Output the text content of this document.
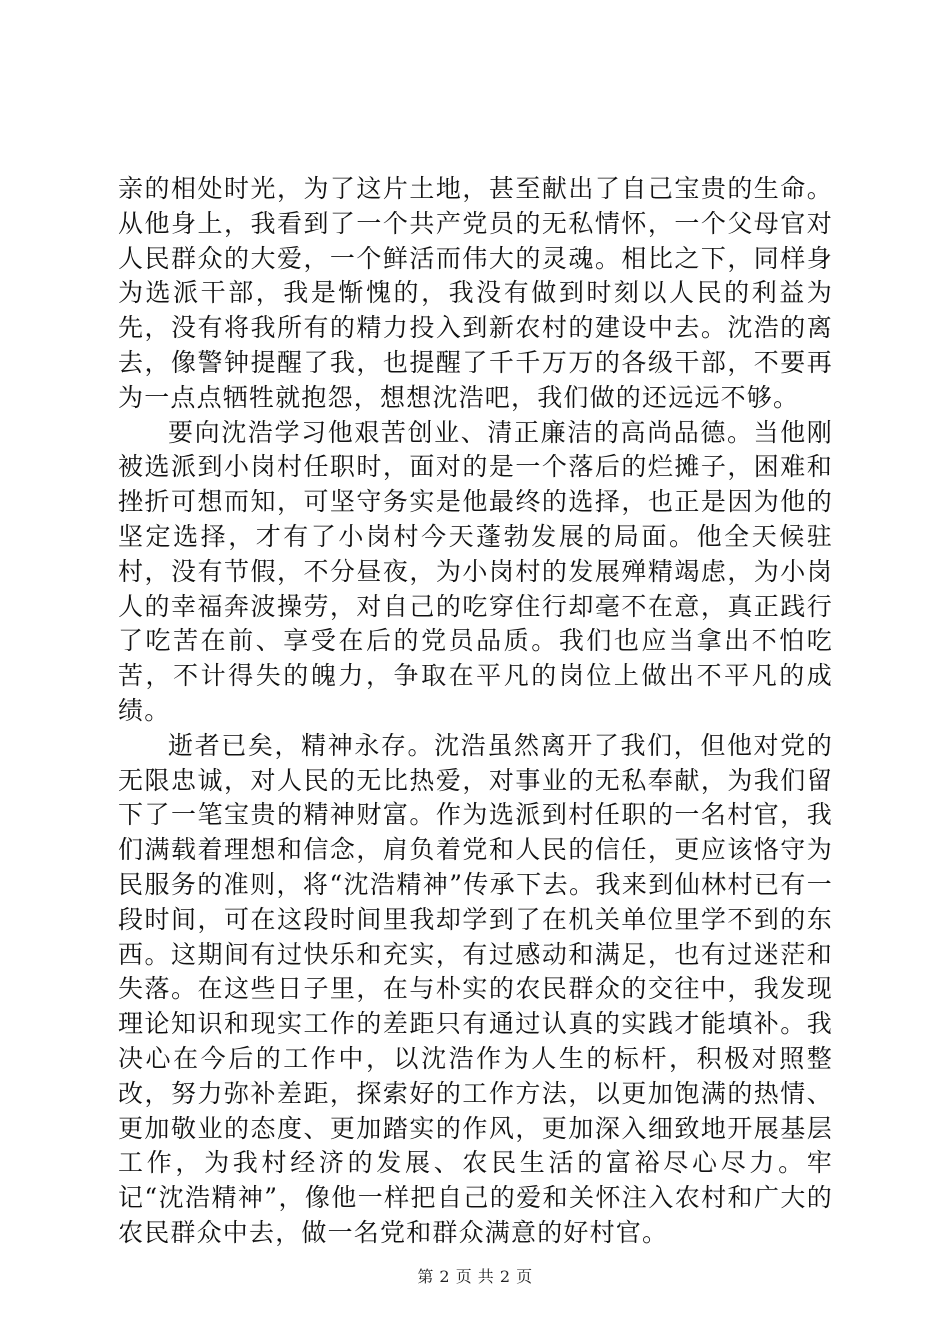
亲的相处时光，为了这片土地，甚至献出了自己宝贵的生命。从他身上，我看到了一个共产党员的无私情怀，一个父母官对人民群众的大爱，一个鲜活而伟大的灵魂。相比之下，同样身为选派干部，我是惭愧的，我没有做到时刻以人民的利益为先，没有将我所有的精力投入到新农村的建设中去。沈浩的离去，像警钟提醒了我，也提醒了千千万万的各级干部，不要再为一点点牺牲就抱怨，想想沈浩吧，我们做的还远远不够。

要向沈浩学习他艰苦创业、清正廉洁的高尚品德。当他刚被选派到小岗村任职时，面对的是一个落后的烂摊子，困难和挫折可想而知，可坚守务实是他最终的选择，也正是因为他的坚定选择，才有了小岗村今天蓬勃发展的局面。他全天候驻村，没有节假，不分昼夜，为小岗村的发展殚精竭虑，为小岗人的幸福奔波操劳，对自己的吃穿住行却毫不在意，真正践行了吃苦在前、享受在后的党员品质。我们也应当拿出不怕吃苦，不计得失的魄力，争取在平凡的岗位上做出不平凡的成绩。

逝者已矣，精神永存。沈浩虽然离开了我们，但他对党的无限忠诚，对人民的无比热爱，对事业的无私奉献，为我们留下了一笔宝贵的精神财富。作为选派到村任职的一名村官，我们满载着理想和信念，肩负着党和人民的信任，更应该恪守为民服务的准则，将“沈浩精神”传承下去。我来到仙林村已有一段时间，可在这段时间里我却学到了在机关单位里学不到的东西。这期间有过快乐和充实，有过感动和满足，也有过迷茫和失落。在这些日子里，在与朴实的农民群众的交往中，我发现理论知识和现实工作的差距只有通过认真的实践才能填补。我决心在今后的工作中，以沈浩作为人生的标杆，积极对照整改，努力弥补差距，探索好的工作方法，以更加饱满的热情、更加敬业的态度、更加踏实的作风，更加深入细致地开展基层工作，为我村经济的发展、农民生活的富裕尽心尽力。牢记“沈浩精神”，像他一样把自己的爱和关怀注入农村和广大的农民群众中去，做一名党和群众满意的好村官。

第 2 页 共 2 页
